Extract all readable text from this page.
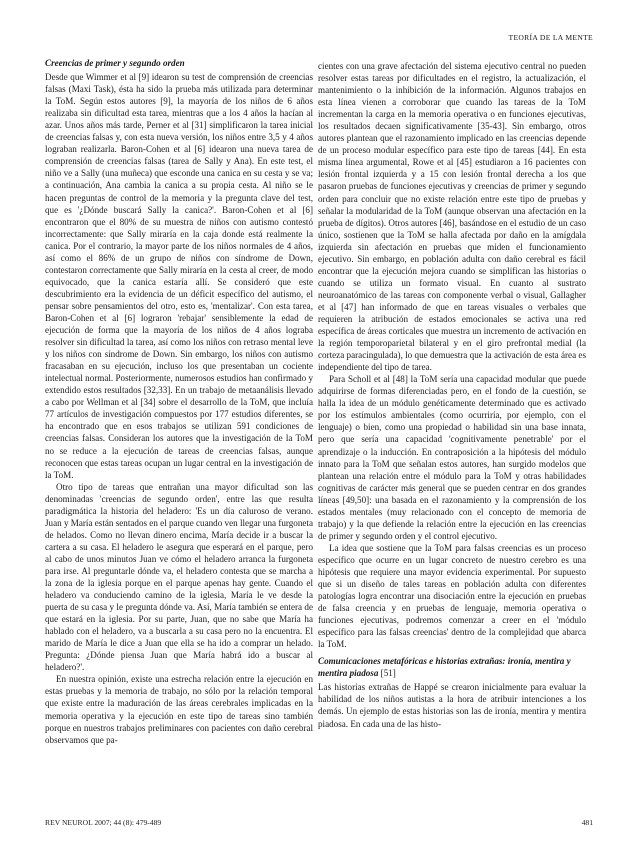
TEORÍA DE LA MENTE
Creencias de primer y segundo orden

Desde que Wimmer et al [9] idearon su test de comprensión de creencias falsas (Maxi Task), ésta ha sido la prueba más utilizada para determinar la ToM. Según estos autores [9], la mayoría de los niños de 6 años realizaba sin dificultad esta tarea, mientras que a los 4 años la hacían al azar. Unos años más tarde, Perner et al [31] simplificaron la tarea inicial de creencias falsas y, con esta nueva versión, los niños entre 3,5 y 4 años lograban realizarla. Baron-Cohen et al [6] idearon una nueva tarea de comprensión de creencias falsas (tarea de Sally y Ana). En este test, el niño ve a Sally (una muñeca) que esconde una canica en su cesta y se va; a continuación, Ana cambia la canica a su propia cesta. Al niño se le hacen preguntas de control de la memoria y la pregunta clave del test, que es '¿Dónde buscará Sally la canica?'. Baron-Cohen et al [6] encontraron que el 80% de su muestra de niños con autismo contestó incorrectamente: que Sally miraría en la caja donde está realmente la canica. Por el contrario, la mayor parte de los niños normales de 4 años, así como el 86% de un grupo de niños con síndrome de Down, contestaron correctamente que Sally miraría en la cesta al creer, de modo equivocado, que la canica estaría allí. Se consideró que este descubrimiento era la evidencia de un déficit específico del autismo, el pensar sobre pensamientos del otro, esto es, 'mentalizar'. Con esta tarea, Baron-Cohen et al [6] lograron 'rebajar' sensiblemente la edad de ejecución de forma que la mayoría de los niños de 4 años lograba resolver sin dificultad la tarea, así como los niños con retraso mental leve y los niños con síndrome de Down. Sin embargo, los niños con autismo fracasaban en su ejecución, incluso los que presentaban un cociente intelectual normal. Posteriormente, numerosos estudios han confirmado y extendido estos resultados [32,33]. En un trabajo de metaanálisis llevado a cabo por Wellman et al [34] sobre el desarrollo de la ToM, que incluía 77 artículos de investigación compuestos por 177 estudios diferentes, se ha encontrado que en esos trabajos se utilizan 591 condiciones de creencias falsas. Consideran los autores que la investigación de la ToM no se reduce a la ejecución de tareas de creencias falsas, aunque reconocen que estas tareas ocupan un lugar central en la investigación de la ToM.

Otro tipo de tareas que entrañan una mayor dificultad son las denominadas 'creencias de segundo orden', entre las que resulta paradigmática la historia del heladero: 'Es un día caluroso de verano. Juan y María están sentados en el parque cuando ven llegar una furgoneta de helados. Como no llevan dinero encima, María decide ir a buscar la cartera a su casa. El heladero le asegura que esperará en el parque, pero al cabo de unos minutos Juan ve cómo el heladero arranca la furgoneta para irse. Al preguntarle dónde va, el heladero contesta que se marcha a la zona de la iglesia porque en el parque apenas hay gente. Cuando el heladero va conduciendo camino de la iglesia, María le ve desde la puerta de su casa y le pregunta dónde va. Así, María también se entera de que estará en la iglesia. Por su parte, Juan, que no sabe que María ha hablado con el heladero, va a buscarla a su casa pero no la encuentra. El marido de María le dice a Juan que ella se ha ido a comprar un helado. Pregunta: ¿Dónde piensa Juan que María habrá ido a buscar al heladero?'.

En nuestra opinión, existe una estrecha relación entre la ejecución en estas pruebas y la memoria de trabajo, no sólo por la relación temporal que existe entre la maduración de las áreas cerebrales implicadas en la memoria operativa y la ejecución en este tipo de tareas sino también porque en nuestros trabajos preliminares con pacientes con daño cerebral observamos que pa-

cientes con una grave afectación del sistema ejecutivo central no pueden resolver estas tareas por dificultades en el registro, la actualización, el mantenimiento o la inhibición de la información. Algunos trabajos en esta línea vienen a corroborar que cuando las tareas de la ToM incrementan la carga en la memoria operativa o en funciones ejecutivas, los resultados decaen significativamente [35-43]. Sin embargo, otros autores plantean que el razonamiento implicado en las creencias depende de un proceso modular específico para este tipo de tareas [44]. En esta misma línea argumental, Rowe et al [45] estudiaron a 16 pacientes con lesión frontal izquierda y a 15 con lesión frontal derecha a los que pasaron pruebas de funciones ejecutivas y creencias de primer y segundo orden para concluir que no existe relación entre este tipo de pruebas y señalar la modularidad de la ToM (aunque observan una afectación en la prueba de dígitos). Otros autores [46], basándose en el estudio de un caso único, sostienen que la ToM se halla afectada por daño en la amígdala izquierda sin afectación en pruebas que miden el funcionamiento ejecutivo. Sin embargo, en población adulta con daño cerebral es fácil encontrar que la ejecución mejora cuando se simplifican las historias o cuando se utiliza un formato visual. En cuanto al sustrato neuroanatómico de las tareas con componente verbal o visual, Gallagher et al [47] han informado de que en tareas visuales o verbales que requieren la atribución de estados emocionales se activa una red específica de áreas corticales que muestra un incremento de activación en la región temporoparietal bilateral y en el giro prefrontal medial (la corteza paracingulada), lo que demuestra que la activación de esta área es independiente del tipo de tarea.

Para Scholl et al [48] la ToM sería una capacidad modular que puede adquirirse de formas diferenciadas pero, en el fondo de la cuestión, se halla la idea de un módulo genéticamente determinado que es activado por los estímulos ambientales (como ocurriría, por ejemplo, con el lenguaje) o bien, como una propiedad o habilidad sin una base innata, pero que sería una capacidad 'cognitivamente penetrable' por el aprendizaje o la inducción. En contraposición a la hipótesis del módulo innato para la ToM que señalan estos autores, han surgido modelos que plantean una relación entre el módulo para la ToM y otras habilidades cognitivas de carácter más general que se pueden centrar en dos grandes líneas [49,50]: una basada en el razonamiento y la comprensión de los estados mentales (muy relacionado con el concepto de memoria de trabajo) y la que defiende la relación entre la ejecución en las creencias de primer y segundo orden y el control ejecutivo.

La idea que sostiene que la ToM para falsas creencias es un proceso específico que ocurre en un lugar concreto de nuestro cerebro es una hipótesis que requiere una mayor evidencia experimental. Por supuesto que si un diseño de tales tareas en población adulta con diferentes patologías logra encontrar una disociación entre la ejecución en pruebas de falsa creencia y en pruebas de lenguaje, memoria operativa o funciones ejecutivas, podremos comenzar a creer en el 'módulo específico para las falsas creencias' dentro de la complejidad que abarca la ToM.

Comunicaciones metafóricas e historias extrañas: ironía, mentira y mentira piadosa [51]

Las historias extrañas de Happé se crearon inicialmente para evaluar la habilidad de los niños autistas a la hora de atribuir intenciones a los demás. Un ejemplo de estas historias son las de ironía, mentira y mentira piadosa. En cada una de las histo-

REV NEUROL 2007; 44 (8): 479-489	481
